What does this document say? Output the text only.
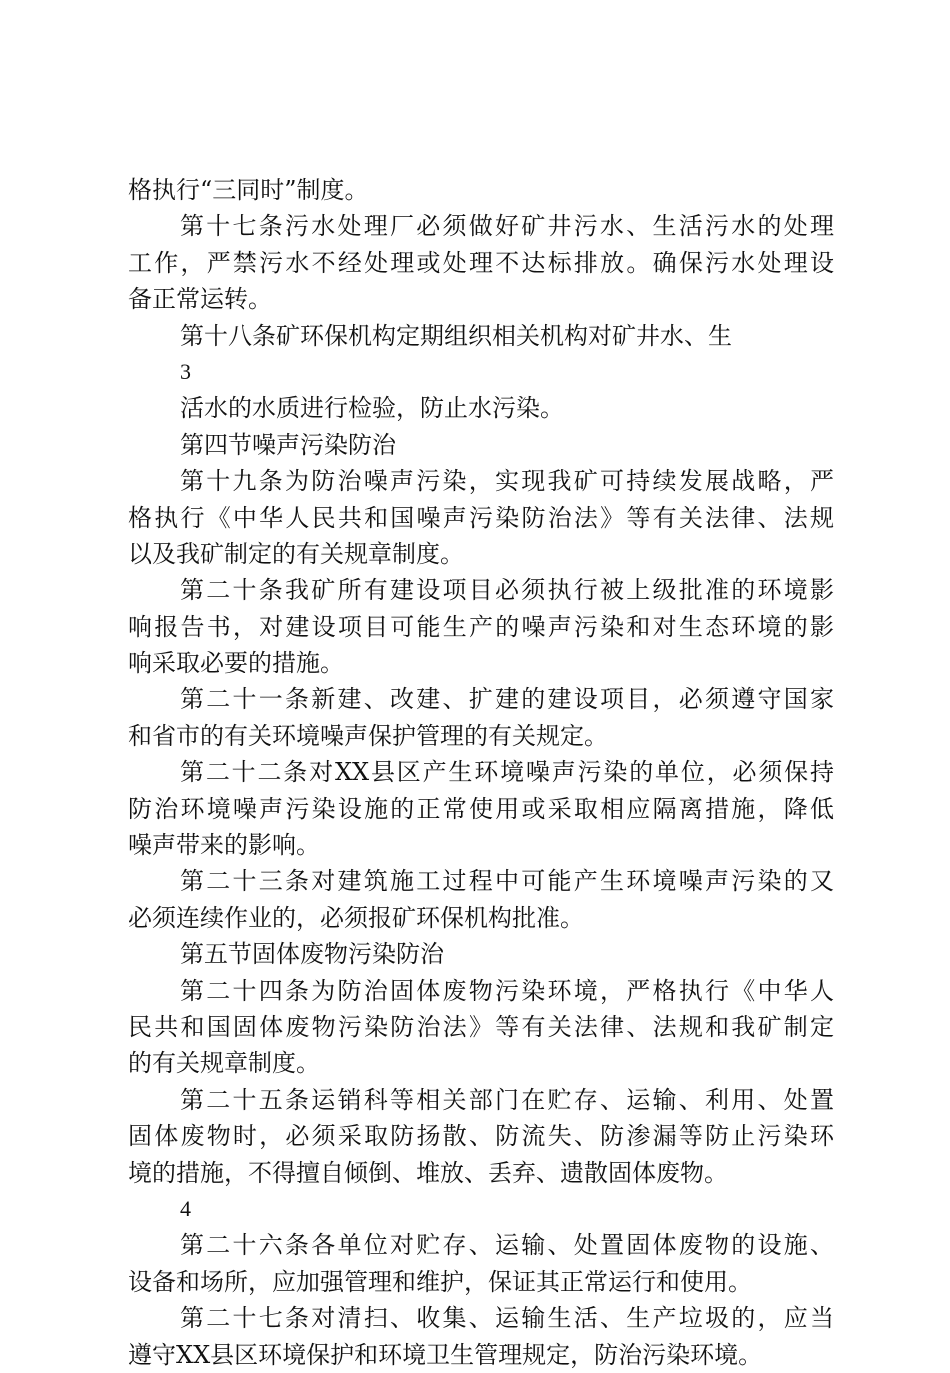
格执行“三同时”制度。
第十七条污水处理厂必须做好矿井污水、生活污水的处理
工作，严禁污水不经处理或处理不达标排放。确保污水处理设
备正常运转。
第十八条矿环保机构定期组织相关机构对矿井水、生
3
活水的水质进行检验，防止水污染。
第四节噪声污染防治
第十九条为防治噪声污染，实现我矿可持续发展战略，严
格执行《中华人民共和国噪声污染防治法》等有关法律、法规
以及我矿制定的有关规章制度。
第二十条我矿所有建设项目必须执行被上级批准的环境影
响报告书，对建设项目可能生产的噪声污染和对生态环境的影
响采取必要的措施。
第二十一条新建、改建、扩建的建设项目，必须遵守国家
和省市的有关环境噪声保护管理的有关规定。
第二十二条对XX县区产生环境噪声污染的单位，必须保持
防治环境噪声污染设施的正常使用或采取相应隔离措施，降低
噪声带来的影响。
第二十三条对建筑施工过程中可能产生环境噪声污染的又
必须连续作业的，必须报矿环保机构批准。
第五节固体废物污染防治
第二十四条为防治固体废物污染环境，严格执行《中华人
民共和国固体废物污染防治法》等有关法律、法规和我矿制定
的有关规章制度。
第二十五条运销科等相关部门在贮存、运输、利用、处置
固体废物时，必须采取防扬散、防流失、防渗漏等防止污染环
境的措施，不得擅自倾倒、堆放、丢弃、遗散固体废物。
4
第二十六条各单位对贮存、运输、处置固体废物的设施、
设备和场所，应加强管理和维护，保证其正常运行和使用。
第二十七条对清扫、收集、运输生活、生产垃圾的，应当
遵守XX县区环境保护和环境卫生管理规定，防治污染环境。
